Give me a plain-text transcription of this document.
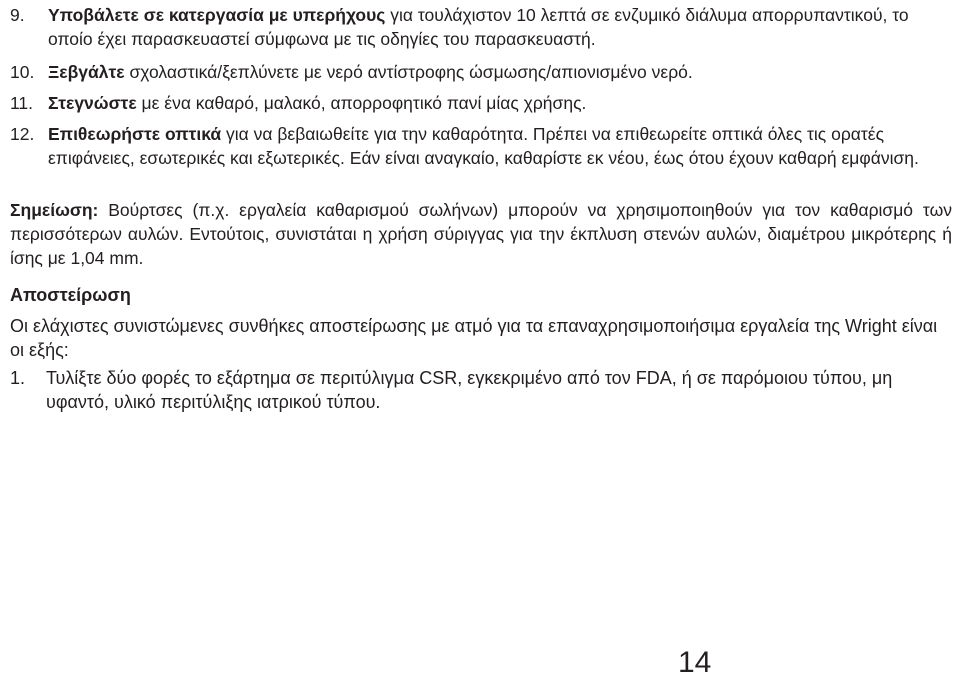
9. Υποβάλετε σε κατεργασία με υπερήχους για τουλάχιστον 10 λεπτά σε ενζυμικό διάλυμα απορρυπαντικού, το οποίο έχει παρασκευαστεί σύμφωνα με τις οδηγίες του παρασκευαστή.
10. Ξεβγάλτε σχολαστικά/ξεπλύνετε με νερό αντίστροφης ώσμωσης/απιονισμένο νερό.
11. Στεγνώστε με ένα καθαρό, μαλακό, απορροφητικό πανί μίας χρήσης.
12. Επιθεωρήστε οπτικά για να βεβαιωθείτε για την καθαρότητα. Πρέπει να επιθεωρείτε οπτικά όλες τις ορατές επιφάνειες, εσωτερικές και εξωτερικές. Εάν είναι αναγκαίο, καθαρίστε εκ νέου, έως ότου έχουν καθαρή εμφάνιση.
Σημείωση: Βούρτσες (π.χ. εργαλεία καθαρισμού σωλήνων) μπορούν να χρησιμοποιηθούν για τον καθαρισμό των περισσότερων αυλών. Εντούτοις, συνιστάται η χρήση σύριγγας για την έκπλυση στενών αυλών, διαμέτρου μικρότερης ή ίσης με 1,04 mm.
Αποστείρωση
Οι ελάχιστες συνιστώμενες συνθήκες αποστείρωσης με ατμό για τα επαναχρησιμοποιήσιμα εργαλεία της Wright είναι οι εξής:
1. Τυλίξτε δύο φορές το εξάρτημα σε περιτύλιγμα CSR, εγκεκριμένο από τον FDA, ή σε παρόμοιου τύπου, μη υφαντό, υλικό περιτύλιξης ιατρικού τύπου.
14
